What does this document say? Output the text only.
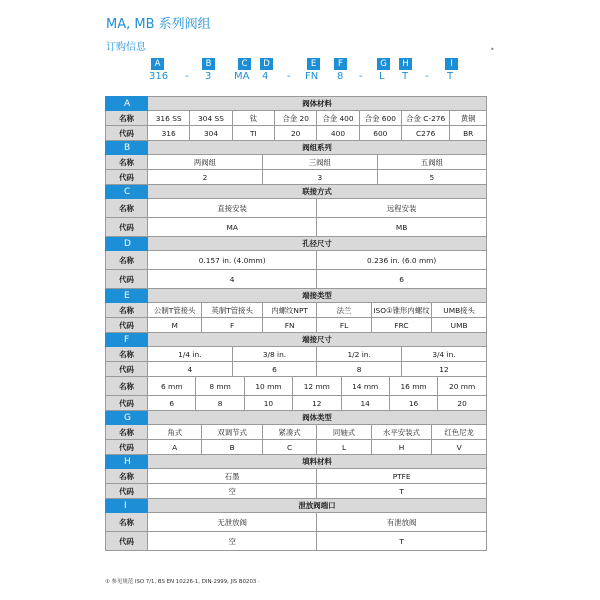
MA, MB 系列阀组
订购信息	•
A	B	C	D	E	F	G	H	I
316 - 3 MA 4 - FN 8 - L T - T
A	阀体材料																		
名称	316 SS	304 SS			钛			合金 20		合金 400		合金 600				合金 C-276			黄铜
代码	316	304			TI			20		400		600				C276			BR
B	阀组系列																		
名称	两阀组						三阀组							五阀组					
代码	2						3							5					
C	联接方式																		
名称	直接安装									远程安装									
代码	MA									MB									
D	孔径尺寸																		
名称	0.157 in. (4.0mm)									0.236 in. (6.0 mm)									
代码	4									6									
E	端接类型																		
名称	公制T管接头			英制T管接头			内螺纹NPT			法兰			ISO①锥形内螺纹				UMB接头		
代码	M			F			FN			FL			FRC				UMB		
F	端接尺寸																		
名称	1/4 in.				3/8 in.					1/2 in.						3/4 in.			
代码	4				6					8						12			
名称	6 mm		8 mm			10 mm			12 mm		14 mm				16 mm			20 mm	
代码	6		8			10			12		14				16			20	
G	阀体类型																		
名称	角式			双调节式			紧凑式			同轴式			水平安装式				红色尼龙		
代码	A			B			C			L			H				V		
H	填料材料																		
名称	石墨									PTFE									
代码	空									T									
I	泄放阀端口																		
名称	无泄放阀									有泄放阀									
代码	空									T									
① 参见规范 ISO 7/1, BS EN 10226-1, DIN-2999, JIS B0203 ·
